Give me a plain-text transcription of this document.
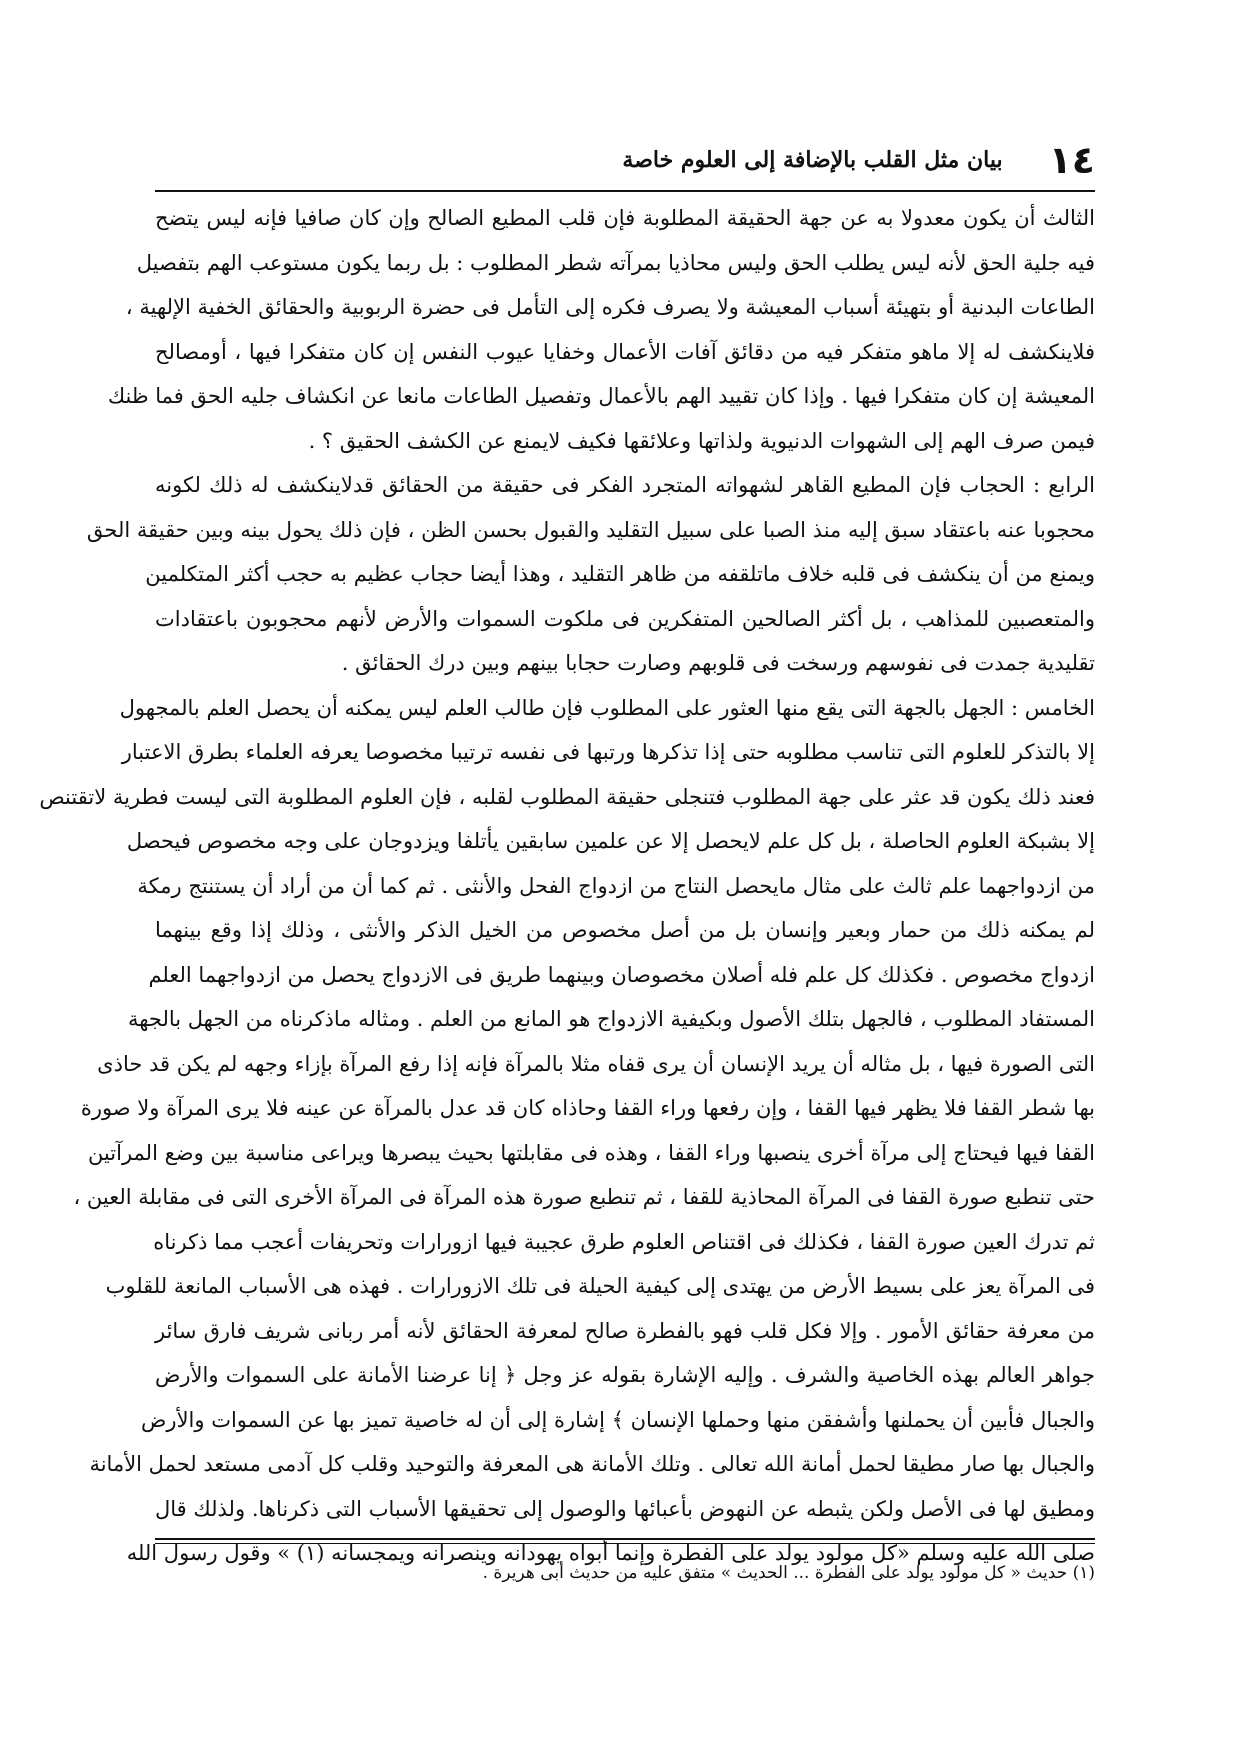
١٤
بيان مثل القلب بالإضافة إلى العلوم خاصة
الثالث أن يكون معدولا به عن جهة الحقيقة المطلوبة فإن قلب المطيع الصالح وإن كان صافيا فإنه ليس يتضح
فيه جلية الحق لأنه ليس يطلب الحق وليس محاذيا بمرآته شطر المطلوب : بل ربما يكون مستوعب الهم بتفصيل
الطاعات البدنية أو بتهيئة أسباب المعيشة ولا يصرف فكره إلى التأمل فى حضرة الربوبية والحقائق الخفية الإلهية ،
فلاينكشف له إلا ماهو متفكر فيه من دقائق آفات الأعمال وخفايا عيوب النفس إن كان متفكرا فيها ، أومصالح
المعيشة إن كان متفكرا فيها . وإذا كان تقييد الهم بالأعمال وتفصيل الطاعات مانعا عن انكشاف جليه الحق فما ظنك
فيمن صرف الهم إلى الشهوات الدنيوية ولذاتها وعلائقها فكيف لايمنع عن الكشف الحقيق ؟ .
الرابع : الحجاب فإن المطيع القاهر لشهواته المتجرد الفكر فى حقيقة من الحقائق قدلاينكشف له ذلك لكونه
محجوبا عنه باعتقاد سبق إليه منذ الصبا على سبيل التقليد والقبول بحسن الظن ، فإن ذلك يحول بينه وبين حقيقة الحق
ويمنع من أن ينكشف فى قلبه خلاف ماتلقفه من ظاهر التقليد ، وهذا أيضا حجاب عظيم به حجب أكثر المتكلمين
والمتعصبين للمذاهب ، بل أكثر الصالحين المتفكرين فى ملكوت السموات والأرض لأنهم محجوبون باعتقادات
تقليدية جمدت فى نفوسهم ورسخت فى قلوبهم وصارت حجابا بينهم وبين درك الحقائق .
الخامس : الجهل بالجهة التى يقع منها العثور على المطلوب فإن طالب العلم ليس يمكنه أن يحصل العلم بالمجهول
إلا بالتذكر للعلوم التى تناسب مطلوبه حتى إذا تذكرها ورتبها فى نفسه ترتيبا مخصوصا يعرفه العلماء بطرق الاعتبار
فعند ذلك يكون قد عثر على جهة المطلوب فتنجلى حقيقة المطلوب لقلبه ، فإن العلوم المطلوبة التى ليست فطرية لاتقتنص
إلا بشبكة العلوم الحاصلة ، بل كل علم لايحصل إلا عن علمين سابقين يأتلفا ويزدوجان على وجه مخصوص فيحصل
من ازدواجهما علم ثالث على مثال مايحصل النتاج من ازدواج الفحل والأنثى . ثم كما أن من أراد أن يستنتج رمكة
لم يمكنه ذلك من حمار وبعير وإنسان بل من أصل مخصوص من الخيل الذكر والأنثى ، وذلك إذا وقع بينهما
ازدواج مخصوص . فكذلك كل علم فله أصلان مخصوصان وبينهما طريق فى الازدواج يحصل من ازدواجهما العلم
المستفاد المطلوب ، فالجهل بتلك الأصول وبكيفية الازدواج هو المانع من العلم . ومثاله ماذكرناه من الجهل بالجهة
التى الصورة فيها ، بل مثاله أن يريد الإنسان أن يرى قفاه مثلا بالمرآة فإنه إذا رفع المرآة بإزاء وجهه لم يكن قد حاذى
بها شطر القفا فلا يظهر فيها القفا ، وإن رفعها وراء القفا وحاذاه كان قد عدل بالمرآة عن عينه فلا يرى المرآة ولا صورة
القفا فيها فيحتاج إلى مرآة أخرى ينصبها وراء القفا ، وهذه فى مقابلتها بحيث يبصرها ويراعى مناسبة بين وضع المرآتين
حتى تنطبع صورة القفا فى المرآة المحاذية للقفا ، ثم تنطبع صورة هذه المرآة فى المرآة الأخرى التى فى مقابلة العين ،
ثم تدرك العين صورة القفا ، فكذلك فى اقتناص العلوم طرق عجيبة فيها ازورارات وتحريفات أعجب مما ذكرناه
فى المرآة يعز على بسيط الأرض من يهتدى إلى كيفية الحيلة فى تلك الازورارات . فهذه هى الأسباب المانعة للقلوب
من معرفة حقائق الأمور . وإلا فكل قلب فهو بالفطرة صالح لمعرفة الحقائق لأنه أمر ربانى شريف فارق سائر
جواهر العالم بهذه الخاصية والشرف . وإليه الإشارة بقوله عز وجل ﴿ إنا عرضنا الأمانة على السموات والأرض
والجبال فأبين أن يحملنها وأشفقن منها وحملها الإنسان ﴾ إشارة إلى أن له خاصية تميز بها عن السموات والأرض
والجبال بها صار مطيقا لحمل أمانة الله تعالى . وتلك الأمانة هى المعرفة والتوحيد وقلب كل آدمى مستعد لحمل الأمانة
ومطيق لها فى الأصل ولكن يثبطه عن النهوض بأعبائها والوصول إلى تحقيقها الأسباب التى ذكرناها. ولذلك قال
صلى الله عليه وسلم «كل مولود يولد على الفطرة وإنما أبواه يهودانه وينصرانه ويمجسانه (١) » وقول رسول الله
(١) حديث « كل مولود يولد على الفطرة ... الحديث » متفق عليه من حديث أبى هريرة .
